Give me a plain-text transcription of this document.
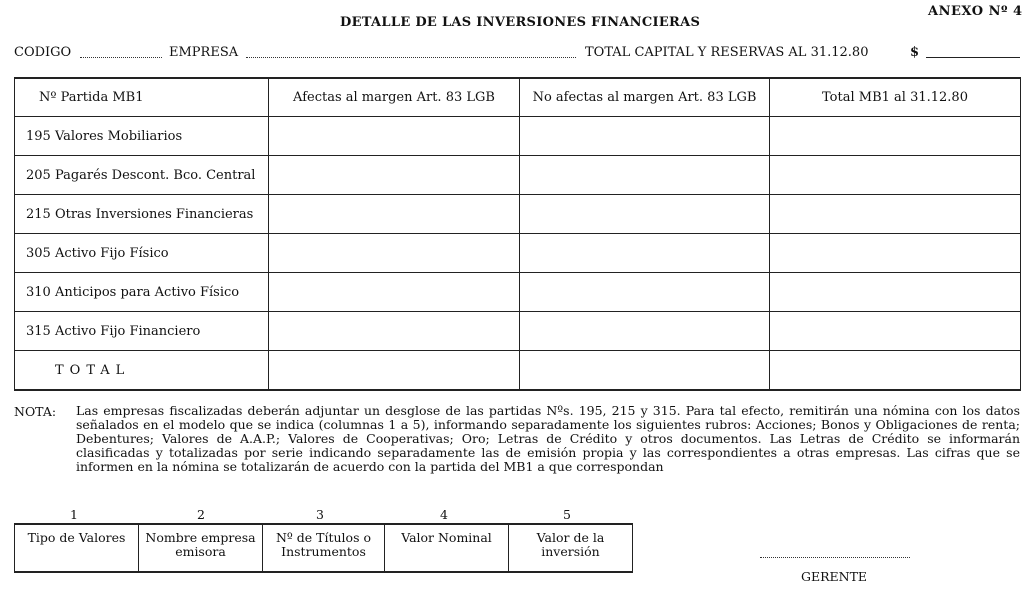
ANEXO Nº 4
DETALLE DE LAS INVERSIONES FINANCIERAS
CODIGO	EMPRESA	TOTAL CAPITAL Y RESERVAS AL 31.12.80	$
Nº Partida MB1	Afectas al margen Art. 83 LGB	No afectas al margen Art. 83 LGB	Total MB1 al 31.12.80
195 Valores Mobiliarios			
205 Pagarés Descont. Bco. Central			
215 Otras Inversiones Financieras			
305 Activo Fijo Físico			
310 Anticipos para Activo Físico			
315 Activo Fijo Financiero			
TOTAL			
NOTA: Las empresas fiscalizadas deberán adjuntar un desglose de las partidas Nºs. 195, 215 y 315. Para tal efecto, remitirán una nómina con los datos señalados en el modelo que se indica (columnas 1 a 5), informando separadamente los siguientes rubros: Acciones; Bonos y Obligaciones de renta; Debentures; Valores de A.A.P.; Valores de Cooperativas; Oro; Letras de Crédito y otros documentos. Las Letras de Crédito se informarán clasificadas y totalizadas por serie indicando separadamente las de emisión propia y las correspondientes a otras empresas. Las cifras que se informen en la nómina se totalizarán de acuerdo con la partida del MB1 a que correspondan
1	2	3	4	5
Tipo de Valores	Nombre empresa emisora	Nº de Títulos o Instrumentos	Valor Nominal	Valor de la inversión
GERENTE
